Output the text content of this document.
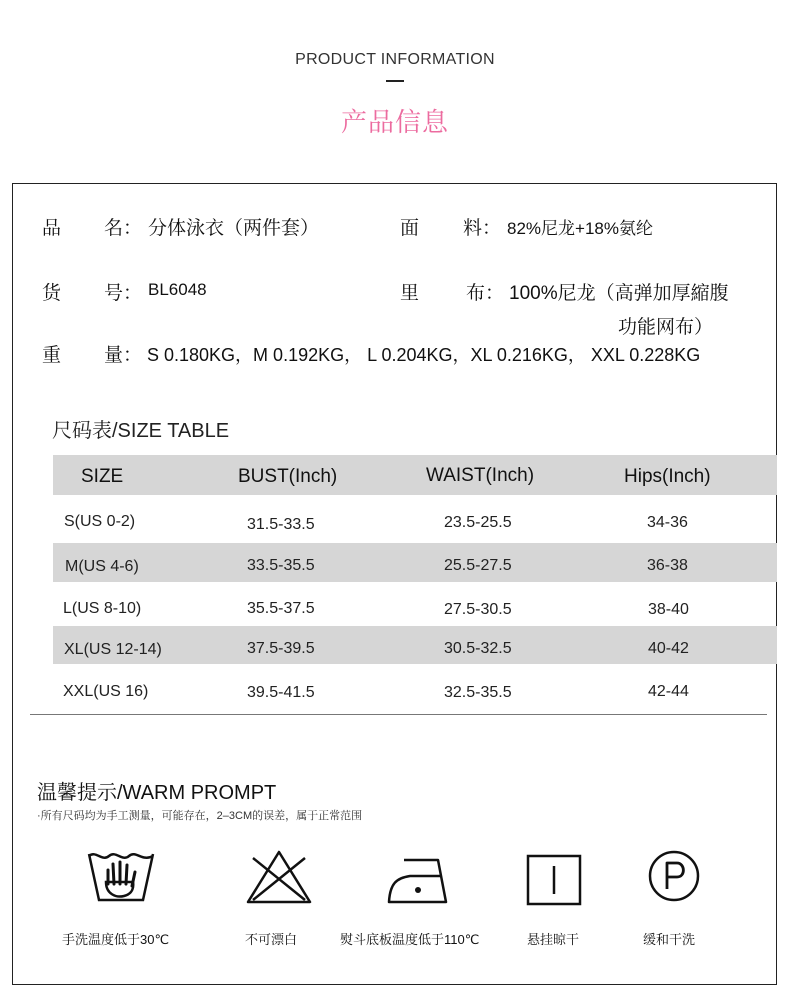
PRODUCT INFORMATION
产品信息
品 名： 分体泳衣（两件套）	面 料： 82%尼龙+18%氨纶
货 号： BL6048	里 布： 100%尼龙（高弹加厚縮腹
功能网布）
重 量： S 0.180KG，M 0.192KG， L 0.204KG，XL 0.216KG， XXL 0.228KG
尺码表/SIZE TABLE
SIZE	BUST(Inch)	WAIST(Inch)	Hips(Inch)
S(US 0-2)	31.5-33.5	23.5-25.5	34-36
M(US 4-6)	33.5-35.5	25.5-27.5	36-38
L(US 8-10)	35.5-37.5	27.5-30.5	38-40
XL(US 12-14)	37.5-39.5	30.5-32.5	40-42
XXL(US 16)	39.5-41.5	32.5-35.5	42-44
温馨提示/WARM PROMPT
·所有尺码均为手工测量，可能存在，2–3CM的误差，属于正常范围
手洗温度低于30℃	不可漂白	熨斗底板温度低于110℃	悬挂晾干	缓和干洗
